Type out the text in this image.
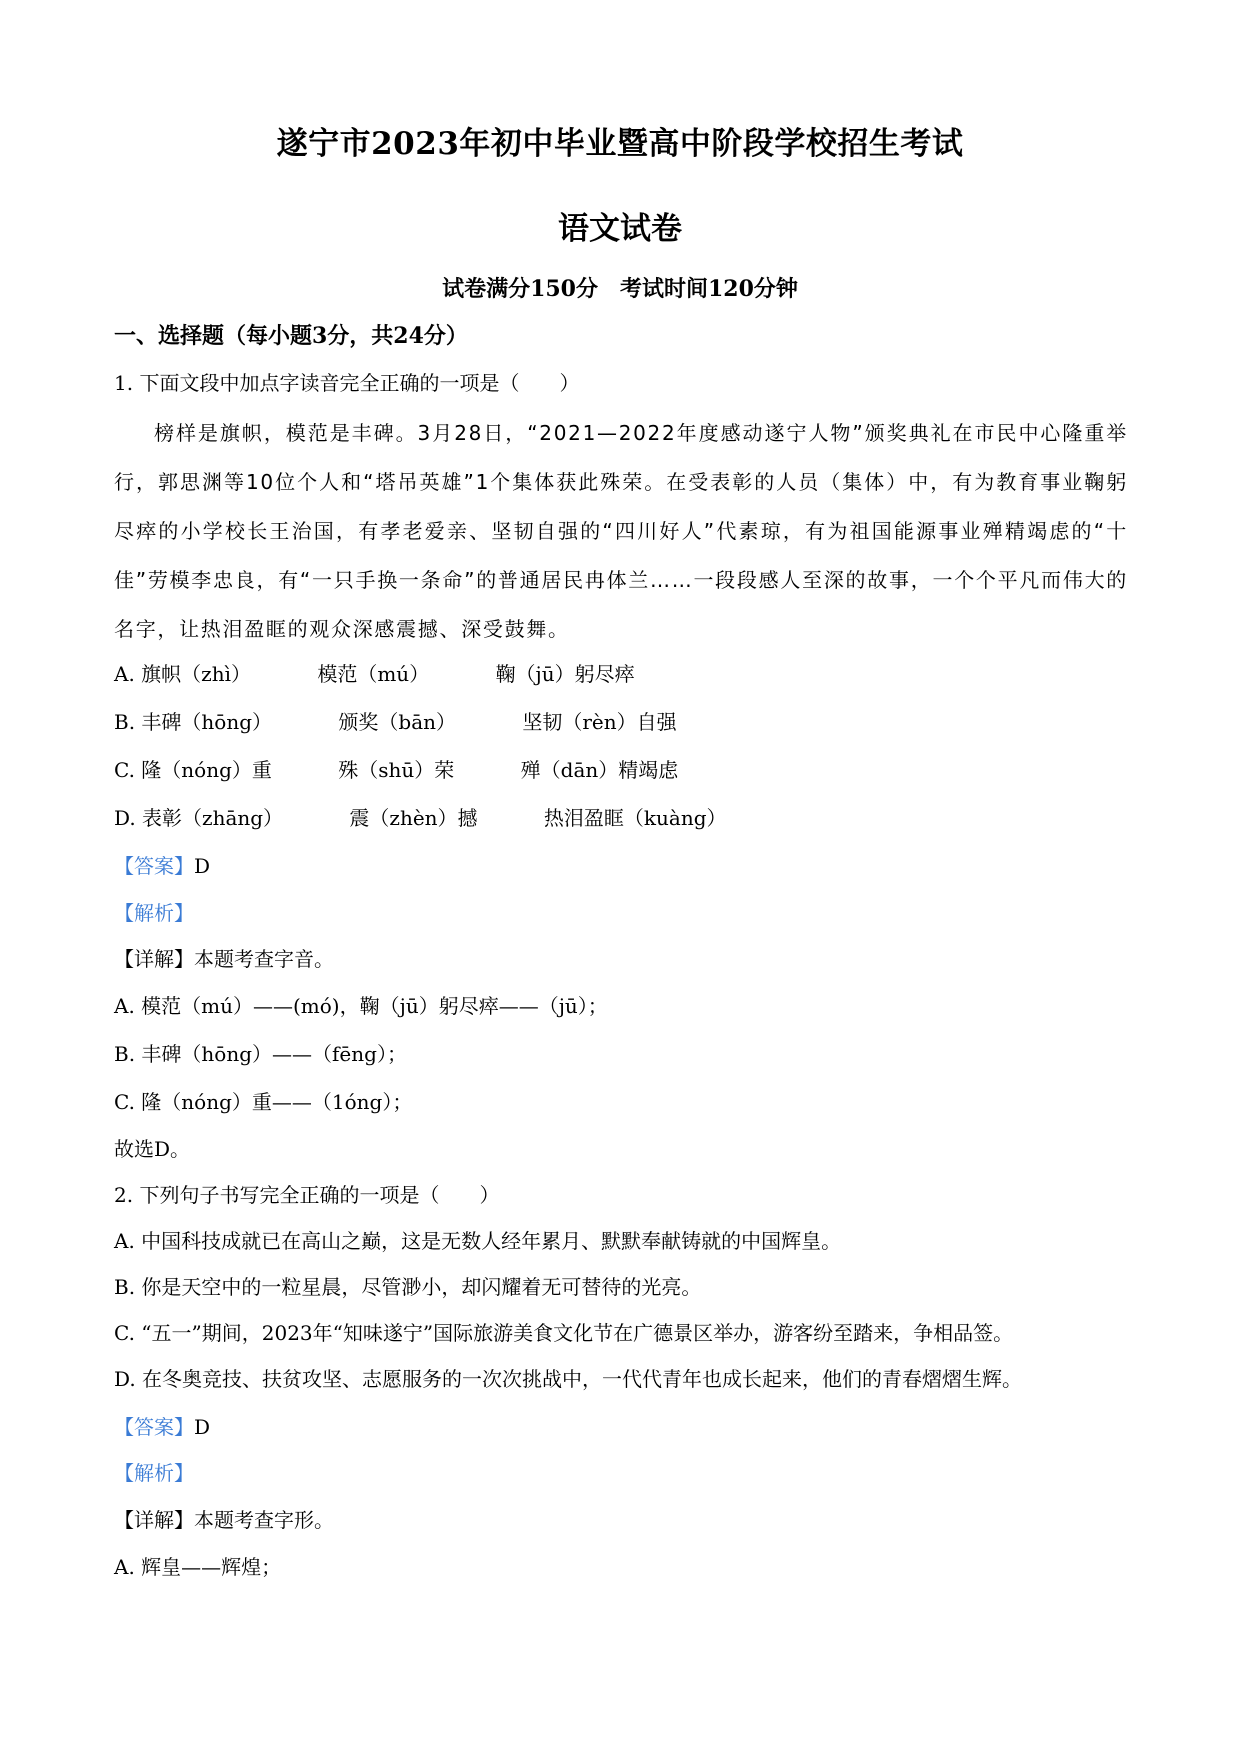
遂宁市2023年初中毕业暨高中阶段学校招生考试
语文试卷
试卷满分150分　考试时间120分钟
一、选择题（每小题3分，共24分）
1. 下面文段中加点字读音完全正确的一项是（　　）
榜样是旗帜，模范是丰碑。3月28日，“2021—2022年度感动遂宁人物”颁奖典礼在市民中心隆重举行，郭思渊等10位个人和“塔吊英雄”1个集体获此殊荣。在受表彰的人员（集体）中，有为教育事业鞠躬尽瘁的小学校长王治国，有孝老爱亲、坚韧自强的“四川好人”代素琼，有为祖国能源事业殚精竭虑的“十佳”劳模李忠良，有“一只手换一条命”的普通居民冉体兰……一段段感人至深的故事，一个个平凡而伟大的名字，让热泪盈眶的观众深感震撼、深受鼓舞。
A. 旗帜（zhì）	模范（mú）	鞠（jū）躬尽瘁
B. 丰碑（hōng）	颁奖（bān）	坚韧（rèn）自强
C. 隆（nóng）重	殊（shū）荣	殚（dān）精竭虑
D. 表彰（zhāng）	震（zhèn）撼	热泪盈眶（kuàng）
【答案】D
【解析】
【详解】本题考查字音。
A. 模范（mú）——(mó)，鞠（jū）躬尽瘁——（jū）；
B. 丰碑（hōng）——（fēng）；
C. 隆（nóng）重——（1óng）；
故选D。
2. 下列句子书写完全正确的一项是（　　）
A. 中国科技成就已在高山之巅，这是无数人经年累月、默默奉献铸就的中国辉皇。
B. 你是天空中的一粒星晨，尽管渺小，却闪耀着无可替待的光亮。
C. “五一”期间，2023年“知味遂宁”国际旅游美食文化节在广德景区举办，游客纷至踏来，争相品签。
D. 在冬奥竞技、扶贫攻坚、志愿服务的一次次挑战中，一代代青年也成长起来，他们的青春熠熠生辉。
【答案】D
【解析】
【详解】本题考查字形。
A. 辉皇——辉煌；
